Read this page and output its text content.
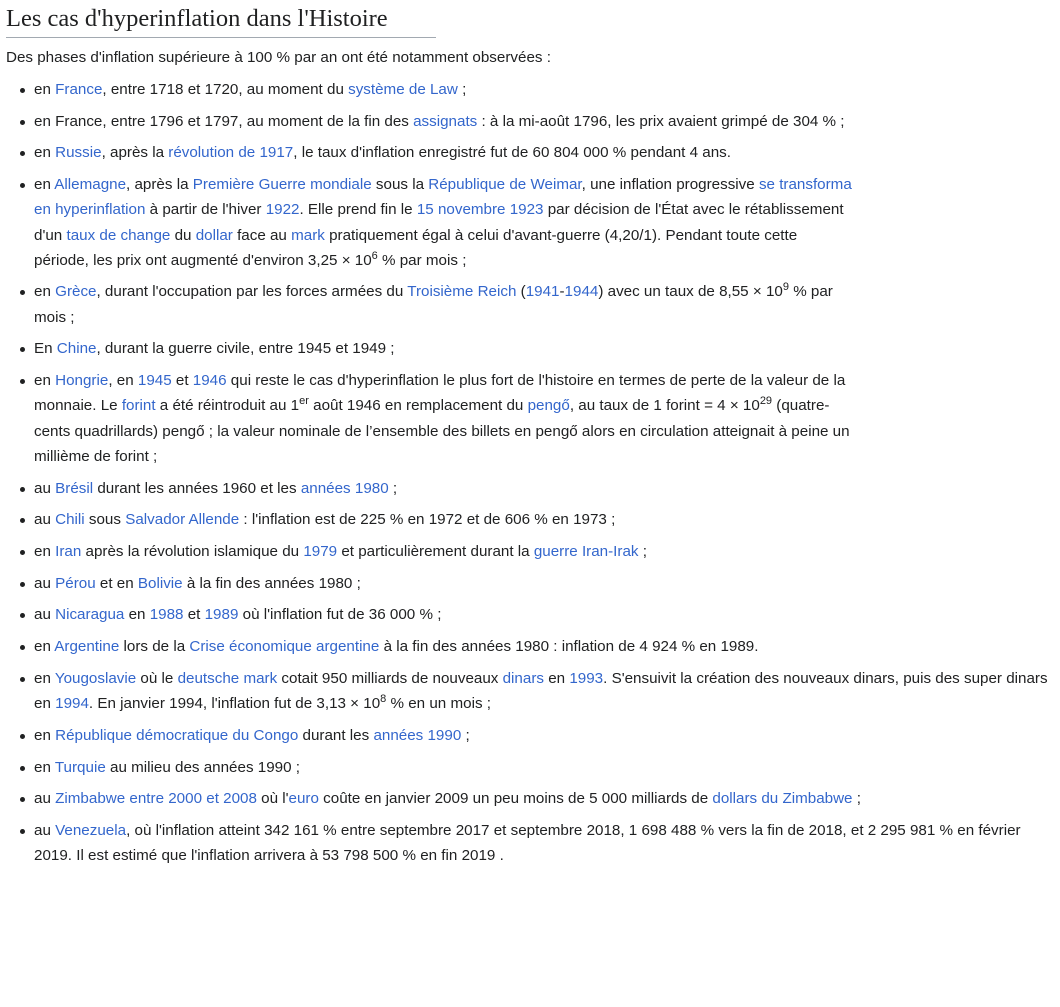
Les cas d'hyperinflation dans l'Histoire

Des phases d'inflation supérieure à 100 % par an ont été notamment observées :

en France, entre 1718 et 1720, au moment du système de Law ;
en France, entre 1796 et 1797, au moment de la fin des assignats : à la mi-août 1796, les prix avaient grimpé de 304 % ;
en Russie, après la révolution de 1917, le taux d'inflation enregistré fut de 60 804 000 % pendant 4 ans.
en Allemagne, après la Première Guerre mondiale sous la République de Weimar, une inflation progressive se transforma en hyperinflation à partir de l'hiver 1922. Elle prend fin le 15 novembre 1923 par décision de l'État avec le rétablissement d'un taux de change du dollar face au mark pratiquement égal à celui d'avant-guerre (4,20/1). Pendant toute cette période, les prix ont augmenté d'environ $3,25 \times 10^6$ % par mois ;
en Grèce, durant l'occupation par les forces armées du Troisième Reich (1941-1944) avec un taux de $8,55 \times 10^9$ % par mois ;
En Chine, durant la guerre civile, entre 1945 et 1949 ;
en Hongrie, en 1945 et 1946 qui reste le cas d'hyperinflation le plus fort de l'histoire en termes de perte de la valeur de la monnaie. Le forint a été réintroduit au 1er août 1946 en remplacement du pengő, au taux de 1 forint = $4 \times 10^{29}$ (quatre-cents quadrillards) pengő ; la valeur nominale de l’ensemble des billets en pengő alors en circulation atteignait à peine un millième de forint ;
au Brésil durant les années 1960 et les années 1980 ;
au Chili sous Salvador Allende : l'inflation est de 225 % en 1972 et de 606 % en 1973 ;
en Iran après la révolution islamique du 1979 et particulièrement durant la guerre Iran-Irak ;
au Pérou et en Bolivie à la fin des années 1980 ;
au Nicaragua en 1988 et 1989 où l'inflation fut de 36 000 % ;
en Argentine lors de la Crise économique argentine à la fin des années 1980 : inflation de 4 924 % en 1989.
en Yougoslavie où le deutsche mark cotait 950 milliards de nouveaux dinars en 1993. S'ensuivit la création des nouveaux dinars, puis des super dinars en 1994. En janvier 1994, l'inflation fut de $3,13 \times 10^8$ % en un mois ;
en République démocratique du Congo durant les années 1990 ;
en Turquie au milieu des années 1990 ;
au Zimbabwe entre 2000 et 2008 où l'euro coûte en janvier 2009 un peu moins de 5 000 milliards de dollars du Zimbabwe ;
au Venezuela, où l'inflation atteint 342 161 % entre septembre 2017 et septembre 2018, 1 698 488 % vers la fin de 2018, et 2 295 981 % en février 2019. Il est estimé que l'inflation arrivera à 53 798 500 % en fin 2019 .
